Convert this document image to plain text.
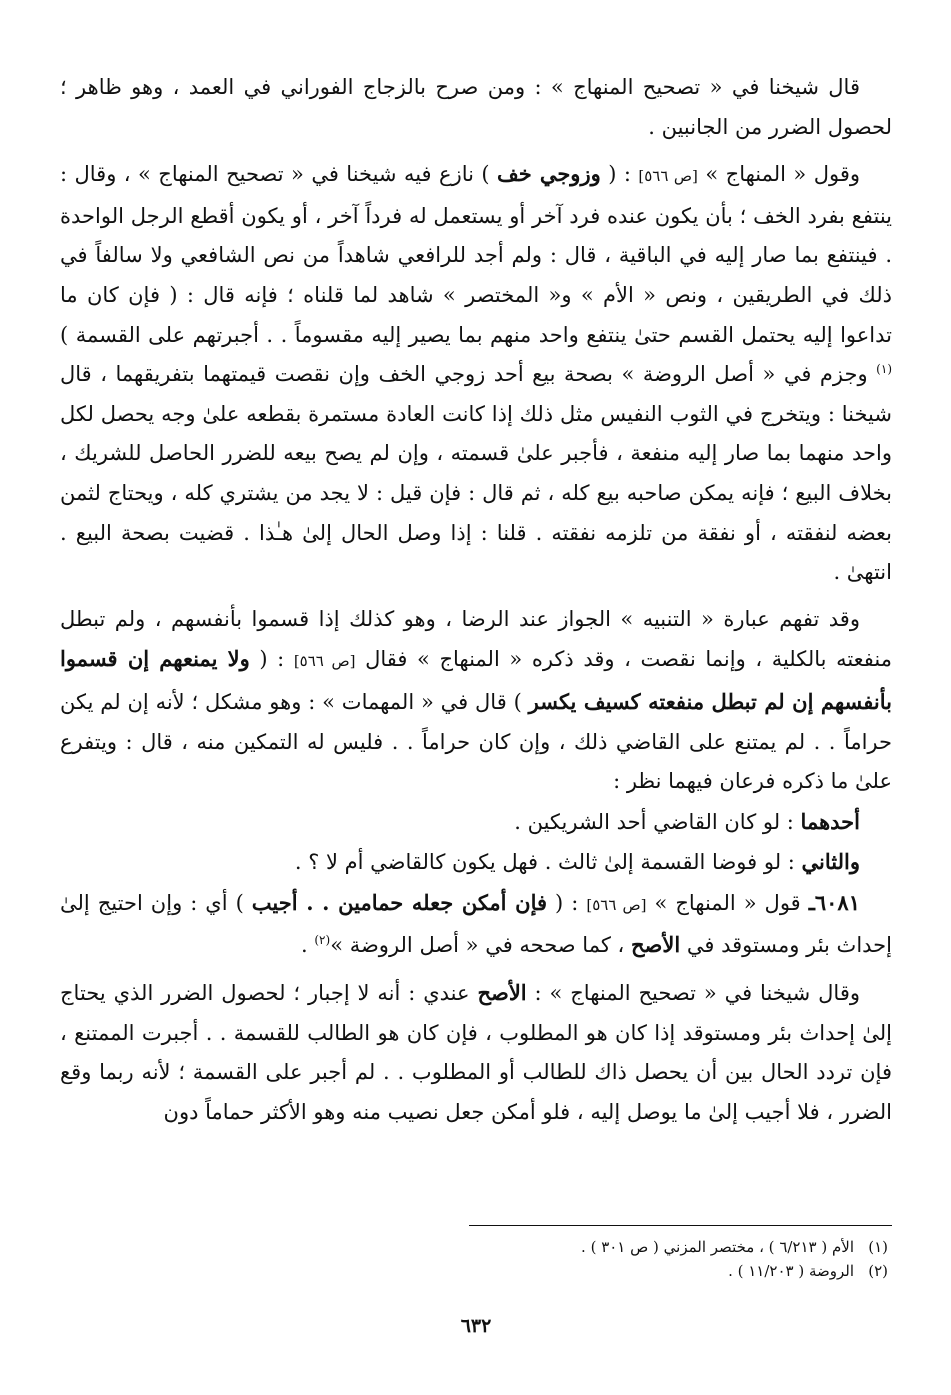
قال شيخنا في « تصحيح المنهاج » : ومن صرح بالزجاج الفوراني في العمد ، وهو ظاهر ؛ لحصول الضرر من الجانبين .

وقول « المنهاج » [ص ٥٦٦] : ( وزوجي خف ) نازع فيه شيخنا في « تصحيح المنهاج » ، وقال : ينتفع بفرد الخف ؛ بأن يكون عنده فرد آخر أو يستعمل له فرداً آخر ، أو يكون أقطع الرجل الواحدة . فينتفع بما صار إليه في الباقية ، قال : ولم أجد للرافعي شاهداً من نص الشافعي ولا سالفاً في ذلك في الطريقين ، ونص « الأم » و« المختصر » شاهد لما قلناه ؛ فإنه قال : ( فإن كان ما تداعوا إليه يحتمل القسم حتىٰ ينتفع واحد منهم بما يصير إليه مقسوماً . . أجبرتهم على القسمة )$^{(١)}$ وجزم في « أصل الروضة » بصحة بيع أحد زوجي الخف وإن نقصت قيمتهما بتفريقهما ، قال شيخنا : ويتخرج في الثوب النفيس مثل ذلك إذا كانت العادة مستمرة بقطعه علىٰ وجه يحصل لكل واحد منهما بما صار إليه منفعة ، فأجبر علىٰ قسمته ، وإن لم يصح بيعه للضرر الحاصل للشريك ، بخلاف البيع ؛ فإنه يمكن صاحبه بيع كله ، ثم قال : فإن قيل : لا يجد من يشتري كله ، ويحتاج لثمن بعضه لنفقته ، أو نفقة من تلزمه نفقته . قلنا : إذا وصل الحال إلىٰ هـٰذا . قضيت بصحة البيع . انتهىٰ .

وقد تفهم عبارة « التنبيه » الجواز عند الرضا ، وهو كذلك إذا قسموا بأنفسهم ، ولم تبطل منفعته بالكلية ، وإنما نقصت ، وقد ذكره « المنهاج » فقال [ص ٥٦٦] : ( ولا يمنعهم إن قسموا بأنفسهم إن لم تبطل منفعته كسيف يكسر ) قال في « المهمات » : وهو مشكل ؛ لأنه إن لم يكن حراماً . . لم يمتنع على القاضي ذلك ، وإن كان حراماً . . فليس له التمكين منه ، قال : ويتفرع علىٰ ما ذكره فرعان فيهما نظر :

أحدهما : لو كان القاضي أحد الشريكين .

والثاني : لو فوضا القسمة إلىٰ ثالث . فهل يكون كالقاضي أم لا ؟ .

٦٠٨١ـ قول « المنهاج » [ص ٥٦٦] : ( فإن أمكن جعله حمامين . . أجيب ) أي : وإن احتيج إلىٰ إحداث بئر ومستوقد في الأصح ، كما صححه في « أصل الروضة »$^{(٢)}$ .

وقال شيخنا في « تصحيح المنهاج » : الأصح عندي : أنه لا إجبار ؛ لحصول الضرر الذي يحتاج إلىٰ إحداث بئر ومستوقد إذا كان هو المطلوب ، فإن كان هو الطالب للقسمة . . أجبرت الممتنع ، فإن تردد الحال بين أن يحصل ذاك للطالب أو المطلوب . . لم أجبر على القسمة ؛ لأنه ربما وقع الضرر ، فلا أجيب إلىٰ ما يوصل إليه ، فلو أمكن جعل نصيب منه وهو الأكثر حماماً دون

(١)الأم ( ٦/٢١٣ ) ، مختصر المزني ( ص ٣٠١ ) .

(٢)الروضة ( ١١/٢٠٣ ) .

٦٣٢
